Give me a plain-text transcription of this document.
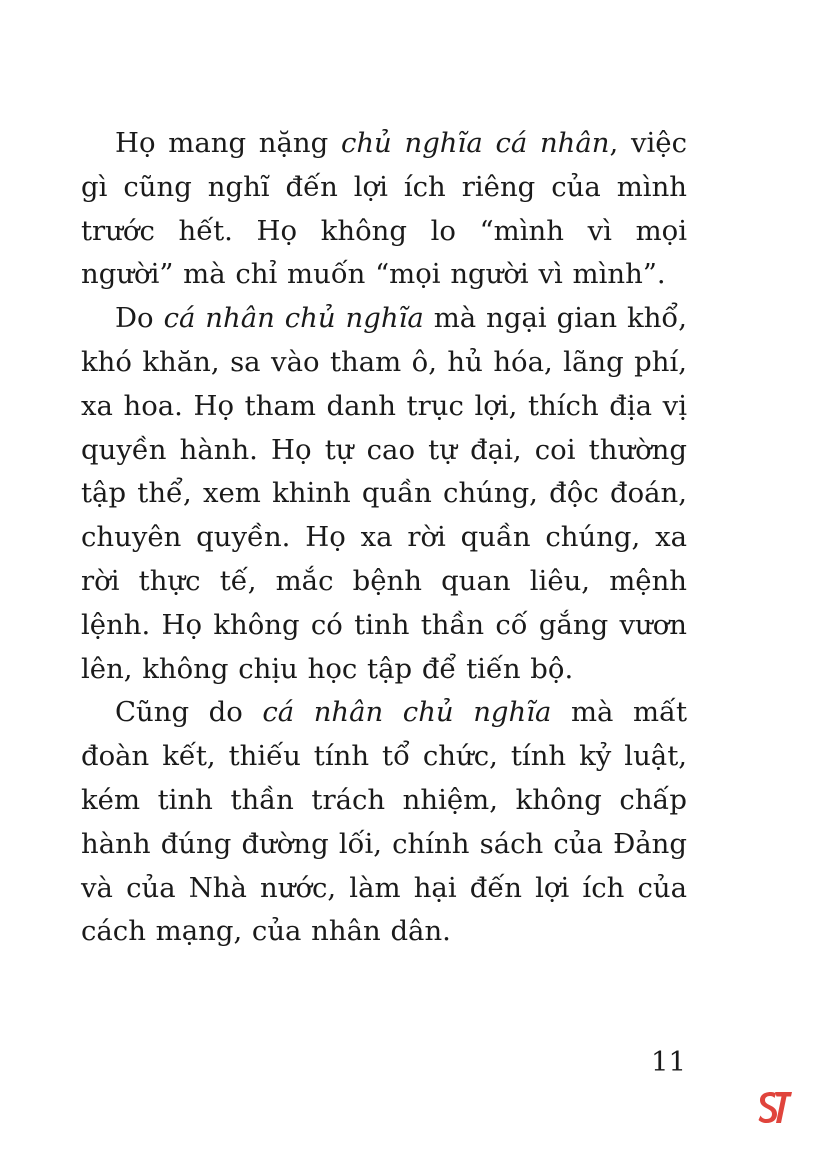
Họ mang nặng chủ nghĩa cá nhân, việc gì cũng nghĩ đến lợi ích riêng của mình trước hết. Họ không lo “mình vì mọi người” mà chỉ muốn “mọi người vì mình”.

Do cá nhân chủ nghĩa mà ngại gian khổ, khó khăn, sa vào tham ô, hủ hóa, lãng phí, xa hoa. Họ tham danh trục lợi, thích địa vị quyền hành. Họ tự cao tự đại, coi thường tập thể, xem khinh quần chúng, độc đoán, chuyên quyền. Họ xa rời quần chúng, xa rời thực tế, mắc bệnh quan liêu, mệnh lệnh. Họ không có tinh thần cố gắng vươn lên, không chịu học tập để tiến bộ.

Cũng do cá nhân chủ nghĩa mà mất đoàn kết, thiếu tính tổ chức, tính kỷ luật, kém tinh thần trách nhiệm, không chấp hành đúng đường lối, chính sách của Đảng và của Nhà nước, làm hại đến lợi ích của cách mạng, của nhân dân.

11
